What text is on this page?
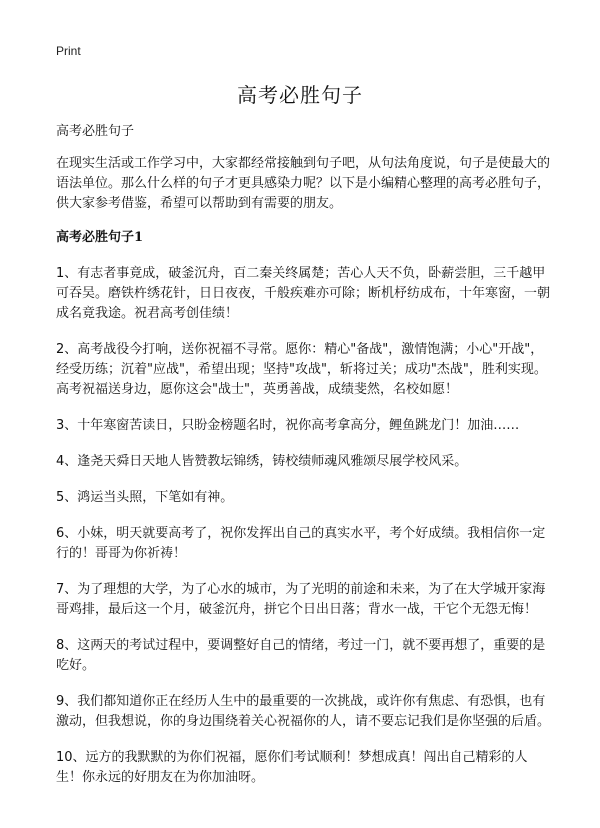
Print
高考必胜句子

高考必胜句子

在现实生活或工作学习中，大家都经常接触到句子吧，从句法角度说，句子是使最大的语法单位。那么什么样的句子才更具感染力呢？以下是小编精心整理的高考必胜句子，供大家参考借鉴，希望可以帮助到有需要的朋友。

高考必胜句子1

1、有志者事竟成，破釜沉舟，百二秦关终属楚；苦心人天不负，卧薪尝胆，三千越甲可吞吴。磨铁杵绣花针，日日夜夜，千般疾难亦可除；断机杼纺成布，十年寒窗，一朝成名竟我途。祝君高考创佳绩！

2、高考战役今打响，送你祝福不寻常。愿你：精心"备战"，激情饱满；小心"开战"，经受历练；沉着"应战"，希望出现；坚持"攻战"，斩将过关；成功"杰战"，胜利实现。高考祝福送身边，愿你这会"战士"，英勇善战，成绩斐然，名校如愿！

3、十年寒窗苦读日，只盼金榜题名时，祝你高考拿高分，鲤鱼跳龙门！加油……

4、逢尧天舜日天地人皆赞教坛锦绣，铸校绩师魂风雅颂尽展学校风采。

5、鸿运当头照，下笔如有神。

6、小妹，明天就要高考了，祝你发挥出自己的真实水平，考个好成绩。我相信你一定行的！哥哥为你祈祷！

7、为了理想的大学，为了心水的城市，为了光明的前途和未来，为了在大学城开家海哥鸡排，最后这一个月，破釜沉舟，拼它个日出日落；背水一战，干它个无怨无悔！

8、这两天的考试过程中，要调整好自己的情绪，考过一门，就不要再想了，重要的是吃好。

9、我们都知道你正在经历人生中的最重要的一次挑战，或许你有焦虑、有恐惧，也有激动，但我想说，你的身边围绕着关心祝福你的人，请不要忘记我们是你坚强的后盾。

10、远方的我默默的为你们祝福，愿你们考试顺利！梦想成真！闯出自己精彩的人生！你永远的好朋友在为你加油呀。
